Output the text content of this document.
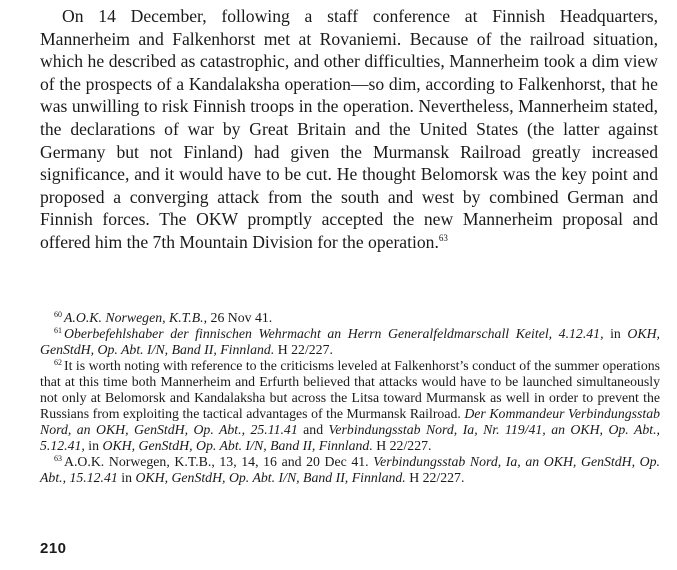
On 14 December, following a staff conference at Finnish Headquarters, Mannerheim and Falkenhorst met at Rovaniemi. Because of the railroad situation, which he described as catastrophic, and other difficulties, Mannerheim took a dim view of the prospects of a Kandalaksha operation—so dim, according to Falkenhorst, that he was unwilling to risk Finnish troops in the operation. Nevertheless, Mannerheim stated, the declarations of war by Great Britain and the United States (the latter against Germany but not Finland) had given the Murmansk Railroad greatly increased significance, and it would have to be cut. He thought Belomorsk was the key point and proposed a converging attack from the south and west by combined German and Finnish forces. The OKW promptly accepted the new Mannerheim proposal and offered him the 7th Mountain Division for the operation.$^{63}$

$^{60}$ A.O.K. Norwegen, K.T.B., 26 Nov 41.

$^{61}$ Oberbefehlshaber der finnischen Wehrmacht an Herrn Generalfeldmarschall Keitel, 4.12.41, in OKH, GenStdH, Op. Abt. I/N, Band II, Finnland. H 22/227.

$^{62}$ It is worth noting with reference to the criticisms leveled at Falkenhorst’s conduct of the summer operations that at this time both Mannerheim and Erfurth believed that attacks would have to be launched simultaneously not only at Belomorsk and Kandalaksha but across the Litsa toward Murmansk as well in order to prevent the Russians from exploiting the tactical advantages of the Murmansk Railroad. Der Kommandeur Verbindungsstab Nord, an OKH, GenStdH, Op. Abt., 25.11.41 and Verbindungsstab Nord, Ia, Nr. 119/41, an OKH, Op. Abt., 5.12.41, in OKH, GenStdH, Op. Abt. I/N, Band II, Finnland. H 22/227.

$^{63}$ A.O.K. Norwegen, K.T.B., 13, 14, 16 and 20 Dec 41. Verbindungsstab Nord, Ia, an OKH, GenStdH, Op. Abt., 15.12.41 in OKH, GenStdH, Op. Abt. I/N, Band II, Finnland. H 22/227.

210
